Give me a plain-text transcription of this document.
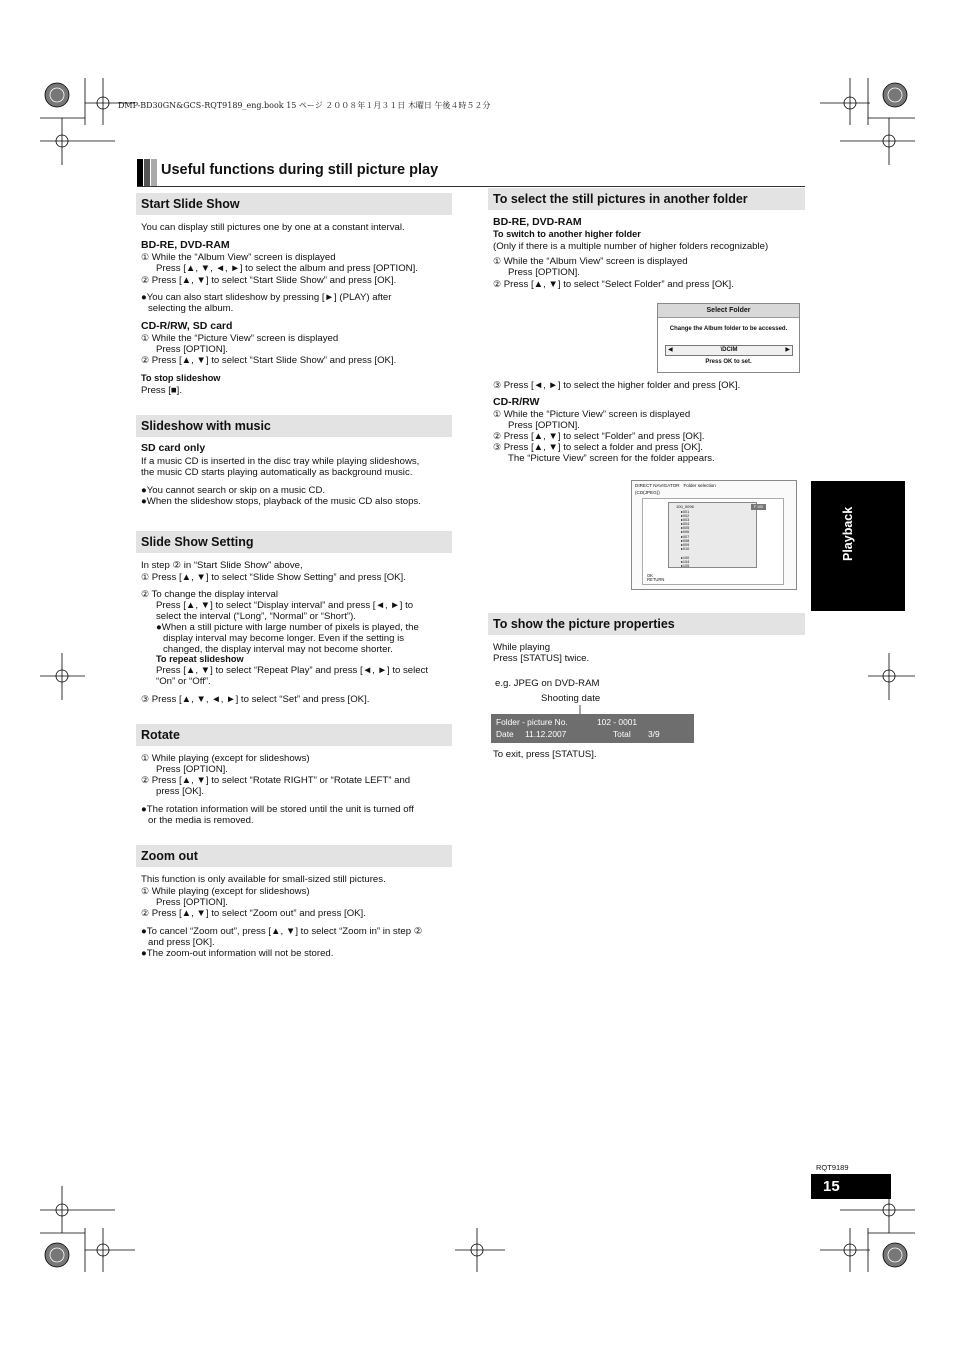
DMP-BD30GN&GCS-RQT9189_eng.book 15 ページ ２００８年１月３１日 木曜日 午後４時５２分
Useful functions during still picture play
Start Slide Show
You can display still pictures one by one at a constant interval.
BD-RE, DVD-RAM
① While the “Album View” screen is displayed
Press [▲, ▼, ◄, ►] to select the album and press [OPTION].
② Press [▲, ▼] to select “Start Slide Show” and press [OK].
●You can also start slideshow by pressing [►] (PLAY) after
selecting the album.
CD-R/RW, SD card
① While the “Picture View” screen is displayed
Press [OPTION].
② Press [▲, ▼] to select “Start Slide Show” and press [OK].
To stop slideshow
Press [■].
Slideshow with music
SD card only
If a music CD is inserted in the disc tray while playing slideshows,
the music CD starts playing automatically as background music.
●You cannot search or skip on a music CD.
●When the slideshow stops, playback of the music CD also stops.
Slide Show Setting
In step ② in “Start Slide Show” above,
① Press [▲, ▼] to select “Slide Show Setting” and press [OK].
② To change the display interval
Press [▲, ▼] to select “Display interval” and press [◄, ►] to
select the interval (“Long”, “Normal” or “Short”).
●When a still picture with large number of pixels is played, the
display interval may become longer. Even if the setting is
changed, the display interval may not become shorter.
To repeat slideshow
Press [▲, ▼] to select “Repeat Play” and press [◄, ►] to select
“On” or “Off”.
③ Press [▲, ▼, ◄, ►] to select “Set” and press [OK].
Rotate
① While playing (except for slideshows)
Press [OPTION].
② Press [▲, ▼] to select “Rotate RIGHT” or “Rotate LEFT” and
press [OK].
●The rotation information will be stored until the unit is turned off
or the media is removed.
Zoom out
This function is only available for small-sized still pictures.
① While playing (except for slideshows)
Press [OPTION].
② Press [▲, ▼] to select “Zoom out” and press [OK].
●To cancel “Zoom out”, press [▲, ▼] to select “Zoom in” in step ②
and press [OK].
●The zoom-out information will not be stored.
To select the still pictures in another folder
BD-RE, DVD-RAM
To switch to another higher folder
(Only if there is a multiple number of higher folders recognizable)
① While the “Album View” screen is displayed
Press [OPTION].
② Press [▲, ▼] to select “Select Folder” and press [OK].
Select Folder
Change the Album folder to be accessed.
◀	\DCIM	▶
Press OK to set.
③ Press [◄, ►] to select the higher folder and press [OK].
CD-R/RW
① While the “Picture View” screen is displayed
Press [OPTION].
② Press [▲, ▼] to select “Folder” and press [OK].
③ Press [▲, ▼] to select a folder and press [OK].
The “Picture View” screen for the folder appears.
DIRECT NAVIGATOR Folder selection
(CD(JPEG))
100_0096
▸001
▸002
▸003
▸004
▸005
▸006
▸007
▸008
▸009
▸010
▸100
▸104
▸105
F 100
OK
RETURN
To show the picture properties
While playing
Press [STATUS] twice.
e.g. JPEG on DVD-RAM
Shooting date
Folder - picture No.	102 - 0001
Date 11.12.2007	Total 3/9
To exit, press [STATUS].
Playback
RQT9189
15
